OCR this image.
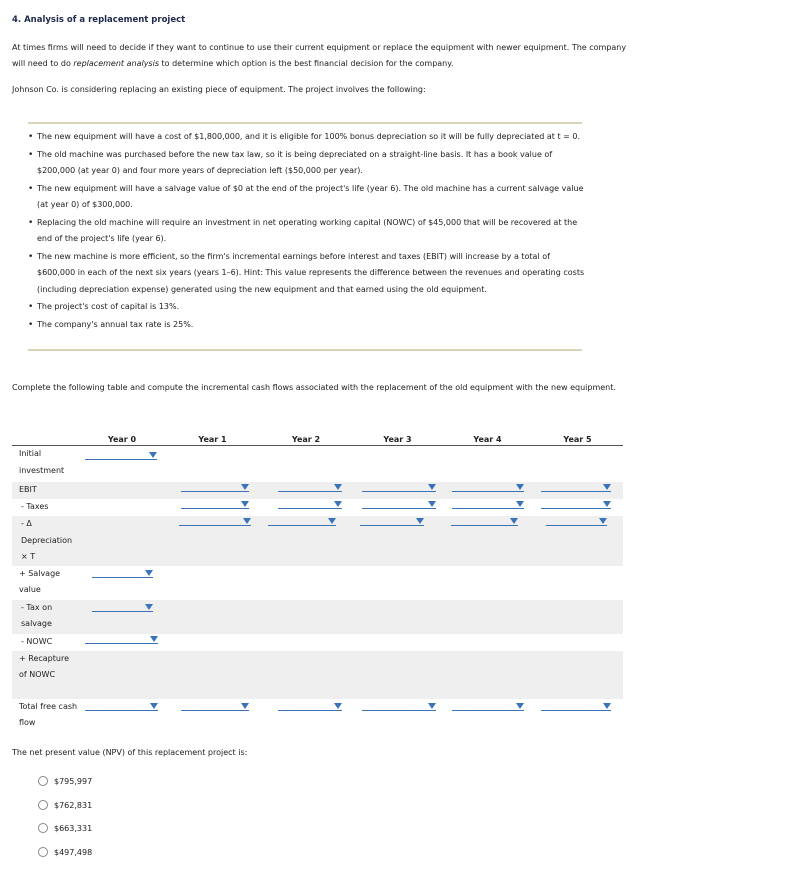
4. Analysis of a replacement project
At times firms will need to decide if they want to continue to use their current equipment or replace the equipment with newer equipment. The company will need to do replacement analysis to determine which option is the best financial decision for the company.
Johnson Co. is considering replacing an existing piece of equipment. The project involves the following:
• The new equipment will have a cost of $1,800,000, and it is eligible for 100% bonus depreciation so it will be fully depreciated at t = 0.
• The old machine was purchased before the new tax law, so it is being depreciated on a straight-line basis. It has a book value of $200,000 (at year 0) and four more years of depreciation left ($50,000 per year).
• The new equipment will have a salvage value of $0 at the end of the project's life (year 6). The old machine has a current salvage value (at year 0) of $300,000.
• Replacing the old machine will require an investment in net operating working capital (NOWC) of $45,000 that will be recovered at the end of the project's life (year 6).
• The new machine is more efficient, so the firm's incremental earnings before interest and taxes (EBIT) will increase by a total of $600,000 in each of the next six years (years 1–6). Hint: This value represents the difference between the revenues and operating costs (including depreciation expense) generated using the new equipment and that earned using the old equipment.
• The project's cost of capital is 13%.
• The company's annual tax rate is 25%.
Complete the following table and compute the incremental cash flows associated with the replacement of the old equipment with the new equipment.
	Year 0	Year 1	Year 2	Year 3	Year 4	Year 5
Initial investment	

EBIT		

- Taxes		

- Δ Depreciation × T		

+ Salvage value	

- Tax on salvage	

- NOWC	

+ Recapture of NOWC						
Total free cash flow	

The net present value (NPV) of this replacement project is:
$795,997
$762,831
$663,331
$497,498
